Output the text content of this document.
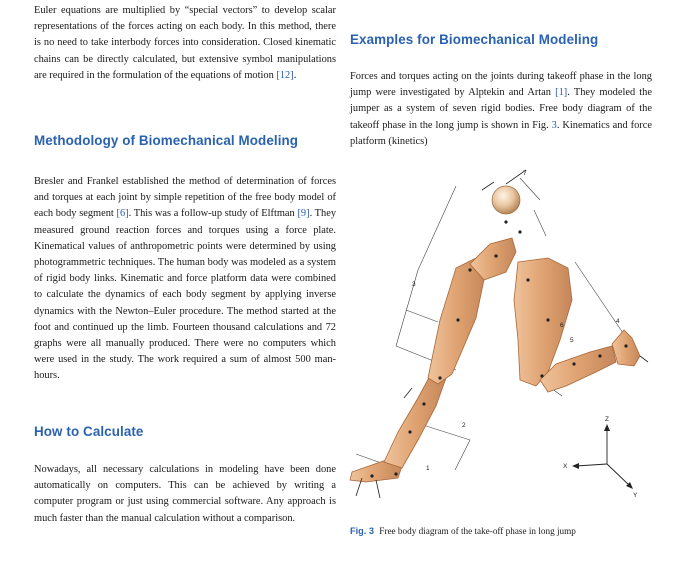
Euler equations are multiplied by “special vectors” to develop scalar representations of the forces acting on each body. In this method, there is no need to take interbody forces into consideration. Closed kinematic chains can be directly calculated, but extensive symbol manipulations are required in the formulation of the equations of motion [12].

Methodology of Biomechanical Modeling

Bresler and Frankel established the method of determination of forces and torques at each joint by simple repetition of the free body model of each body segment [6]. This was a follow-up study of Elftman [9]. They measured ground reaction forces and torques using a force plate. Kinematical values of anthropometric points were determined by using photogrammetric techniques. The human body was modeled as a system of rigid body links. Kinematic and force platform data were combined to calculate the dynamics of each body segment by applying inverse dynamics with the Newton–Euler procedure. The method started at the foot and continued up the limb. Fourteen thousand calculations and 72 graphs were all manually produced. There were no computers which were used in the study. The work required a sum of almost 500 man-hours.

How to Calculate

Nowadays, all necessary calculations in modeling have been done automatically on computers. This can be achieved by writing a computer program or just using commercial software. Any approach is much faster than the manual calculation without a comparison.

Examples for Biomechanical Modeling

Forces and torques acting on the joints during takeoff phase in the long jump were investigated by Alptekin and Artan [1]. They modeled the jumper as a system of seven rigid bodies. Free body diagram of the takeoff phase in the long jump is shown in Fig. 3. Kinematics and force platform (kinetics)

1
2
3
4
5
6
7
Z
X
Y
Fig. 3 Free body diagram of the take-off phase in long jump
